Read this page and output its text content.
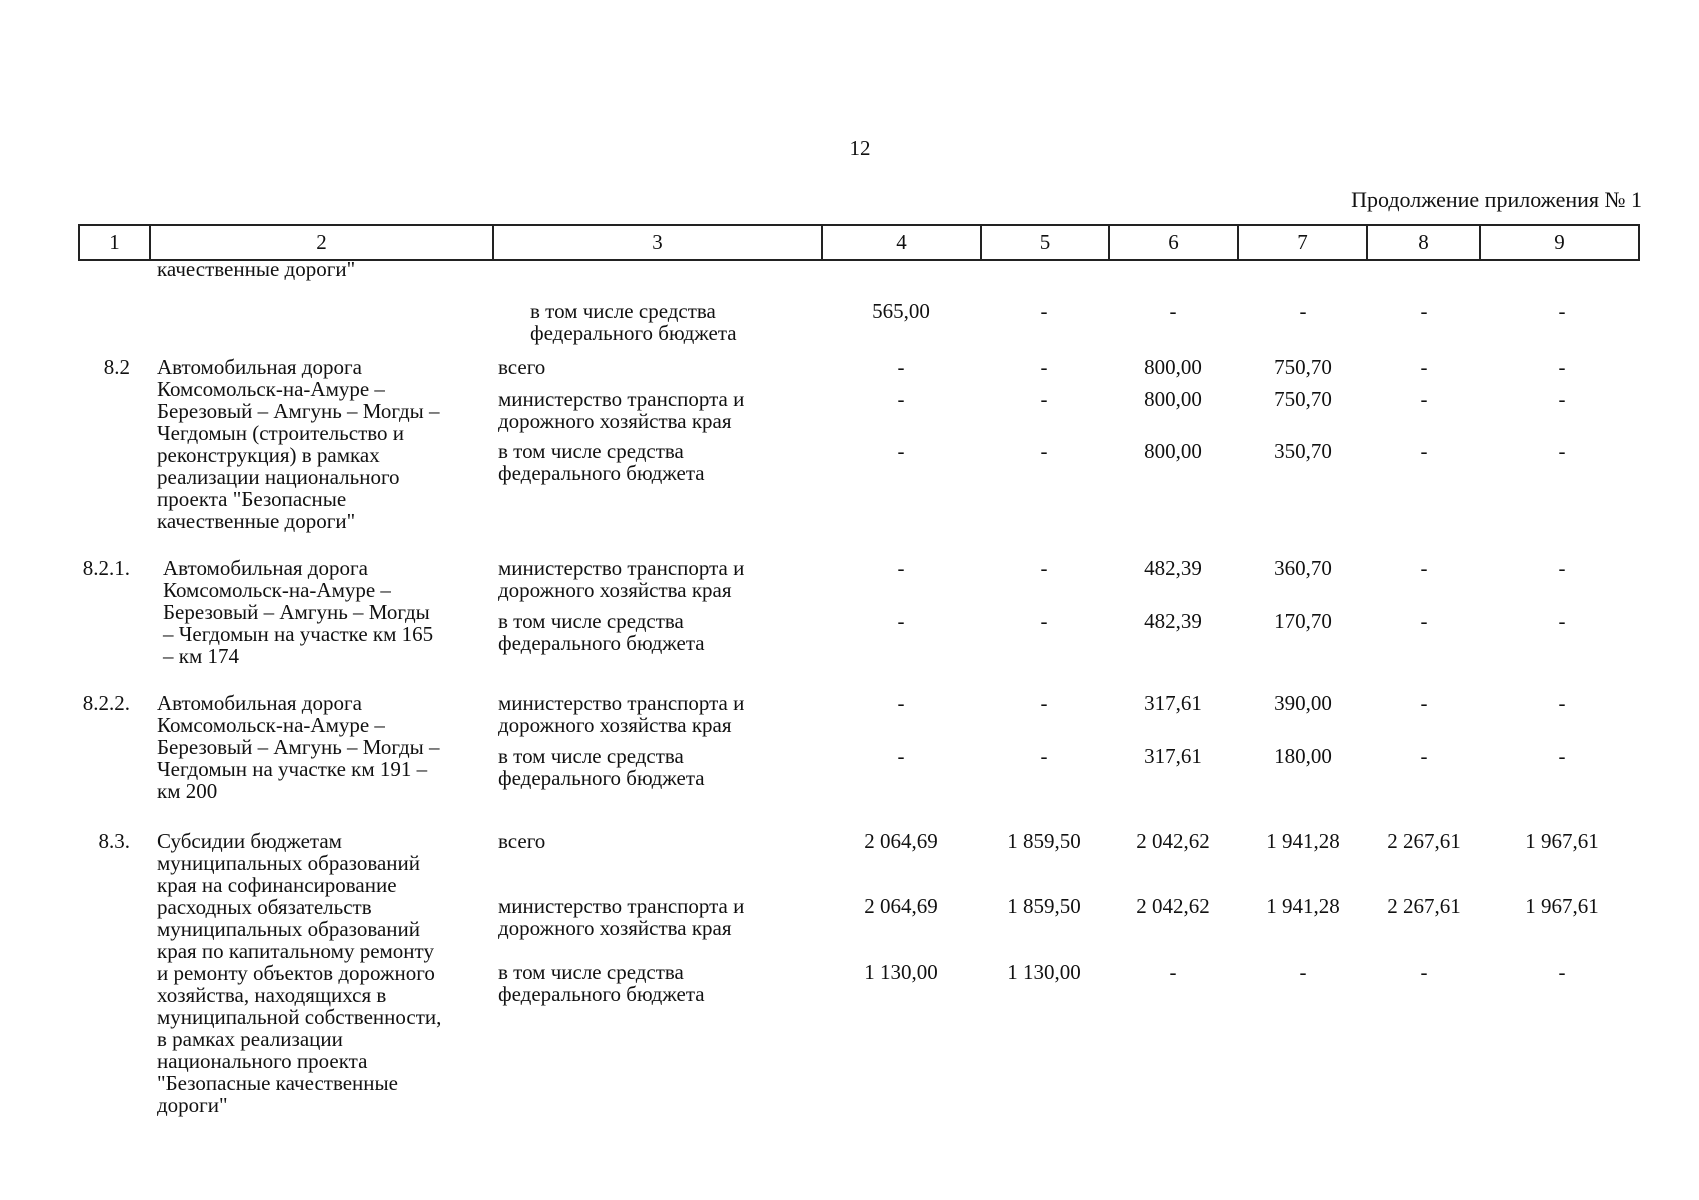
12
Продолжение приложения № 1
1	2	3	4	5	6	7	8	9
качественные дороги"
в том числе средства
федерального бюджета
565,00	-	-	-	-	-
8.2 Автомобильная дорога
Комсомольск-на-Амуре –
Березовый – Амгунь – Могды –
Чегдомын (строительство и
реконструкция) в рамках
реализации национального
проекта "Безопасные
качественные дороги"
всего	-	-	800,00	750,70	-	-
министерство транспорта и
дорожного хозяйства края
-	-	800,00	750,70	-	-
в том числе средства
федерального бюджета
-	-	800,00	350,70	-	-
8.2.1. Автомобильная дорога
Комсомольск-на-Амуре –
Березовый – Амгунь – Могды
– Чегдомын на участке км 165
– км 174
министерство транспорта и
дорожного хозяйства края
-	-	482,39	360,70	-	-
в том числе средства
федерального бюджета
-	-	482,39	170,70	-	-
8.2.2. Автомобильная дорога
Комсомольск-на-Амуре –
Березовый – Амгунь – Могды –
Чегдомын на участке км 191 –
км 200
министерство транспорта и
дорожного хозяйства края
-	-	317,61	390,00	-	-
в том числе средства
федерального бюджета
-	-	317,61	180,00	-	-
8.3. Субсидии бюджетам
муниципальных образований
края на софинансирование
расходных обязательств
муниципальных образований
края по капитальному ремонту
и ремонту объектов дорожного
хозяйства, находящихся в
муниципальной собственности,
в рамках реализации
национального проекта
"Безопасные качественные
дороги"
всего	2 064,69	1 859,50	2 042,62	1 941,28	2 267,61	1 967,61
министерство транспорта и
дорожного хозяйства края
2 064,69	1 859,50	2 042,62	1 941,28	2 267,61	1 967,61
в том числе средства
федерального бюджета
1 130,00	1 130,00	-	-	-	-
